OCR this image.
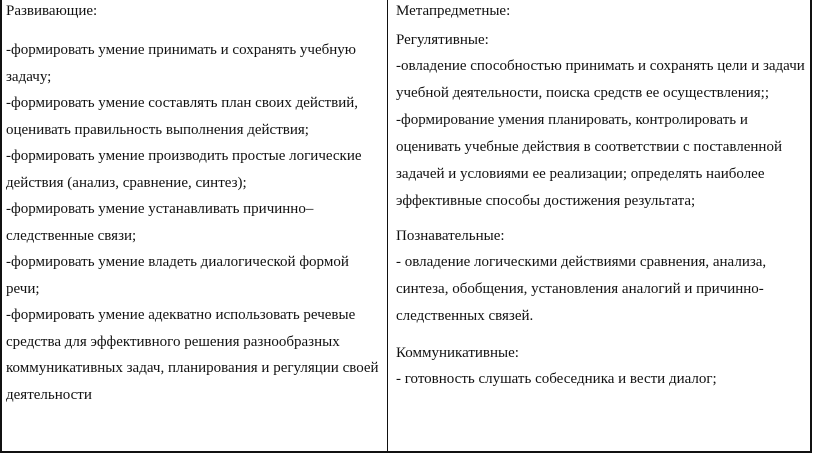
Развивающие:

-формировать умение принимать и сохранять учебную задачу;
-формировать умение составлять план своих действий, оценивать правильность выполнения действия;
-формировать умение производить простые логические действия (анализ, сравнение, синтез);
-формировать умение устанавливать причинно–следственные связи;
-формировать умение владеть диалогической формой речи;
-формировать умение адекватно использовать речевые средства для эффективного решения разнообразных коммуникативных задач, планирования и регуляции своей деятельности

Метапредметные:

Регулятивные:

-овладение способностью принимать и сохранять цели и задачи учебной деятельности, поиска средств ее осуществления;;

-формирование умения планировать, контролировать и оценивать учебные действия в соответствии с поставленной задачей и условиями ее реализации; определять наиболее эффективные способы достижения результата;

Познавательные:

- овладение логическими действиями сравнения, анализа, синтеза, обобщения, установления аналогий и причинно-следственных связей.

Коммуникативные:

- готовность слушать собеседника и вести диалог;
